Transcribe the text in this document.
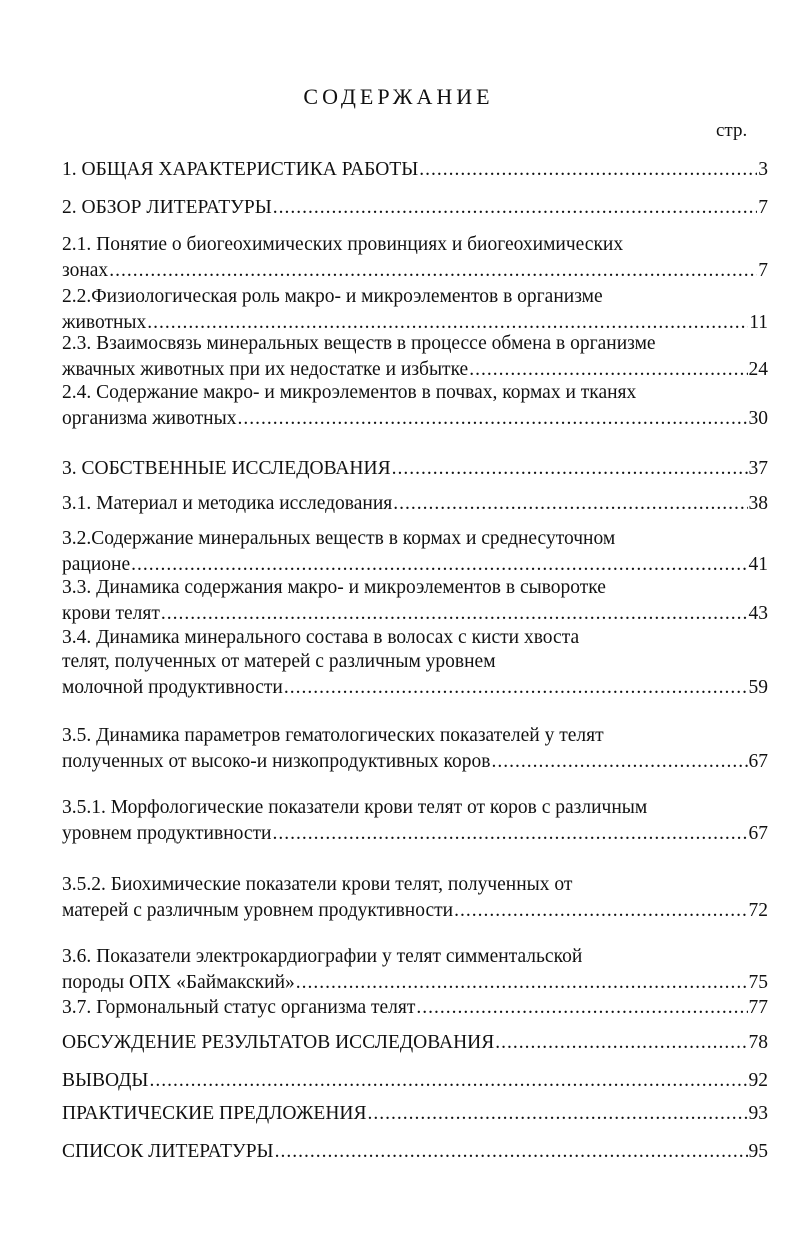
СОДЕРЖАНИЕ
стр.
1. ОБЩАЯ ХАРАКТЕРИСТИКА РАБОТЫ .....	3
2. ОБЗОР ЛИТЕРАТУРЫ .....	7
2.1. Понятие о биогеохимических провинциях и биогеохимических
зонах .....	7
2.2.Физиологическая роль макро- и микроэлементов в организме
животных .....	11
2.3. Взаимосвязь минеральных веществ в процессе обмена в организме
жвачных животных при их недостатке и избытке .....	24
2.4. Содержание макро- и микроэлементов в почвах, кормах и тканях
организма животных .....	30
3. СОБСТВЕННЫЕ ИССЛЕДОВАНИЯ .....	37
3.1. Материал и методика исследования .....	38
3.2.Содержание минеральных веществ в кормах и среднесуточном
рационе .....	41
3.3. Динамика содержания макро- и микроэлементов в сыворотке
крови телят .....	43
3.4. Динамика минерального состава в волосах с кисти хвоста
телят, полученных от матерей с различным уровнем
молочной продуктивности .....	59
3.5. Динамика параметров гематологических показателей у телят
полученных от высоко-и низкопродуктивных коров .....	67
3.5.1. Морфологические показатели крови телят от коров с различным
уровнем продуктивности .....	67
3.5.2. Биохимические показатели крови телят, полученных от
матерей с различным уровнем продуктивности .....	72
3.6. Показатели электрокардиографии у телят симментальской
породы ОПХ «Баймакский» .....	75
3.7. Гормональный статус организма телят .....	77
ОБСУЖДЕНИЕ РЕЗУЛЬТАТОВ ИССЛЕДОВАНИЯ .....	78
ВЫВОДЫ .....	92
ПРАКТИЧЕСКИЕ ПРЕДЛОЖЕНИЯ .....	93
СПИСОК ЛИТЕРАТУРЫ .....	95
